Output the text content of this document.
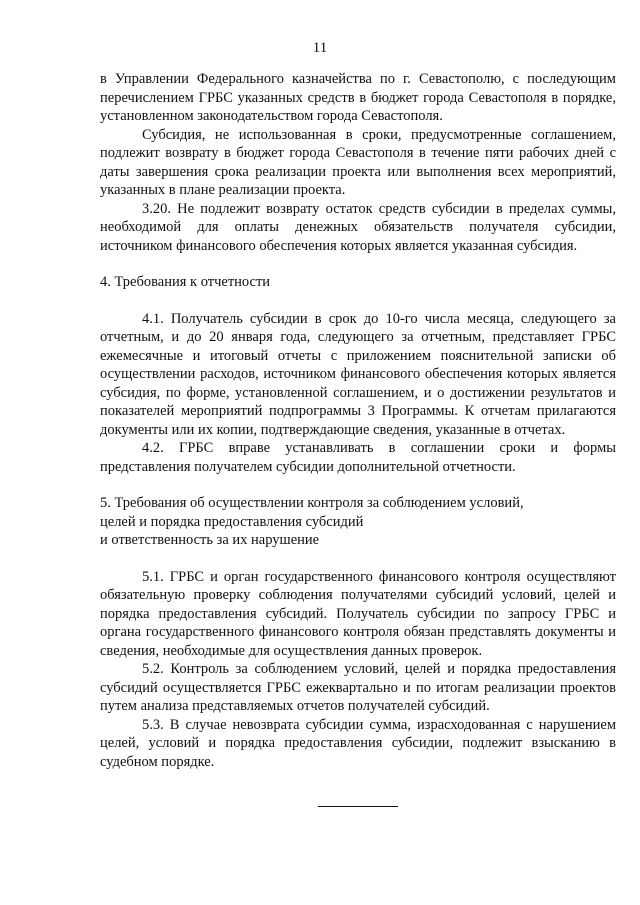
11

в Управлении Федерального казначейства по г. Севастополю, с последующим перечислением ГРБС указанных средств в бюджет города Севастополя в порядке, установленном законодательством города Севастополя.

Субсидия, не использованная в сроки, предусмотренные соглашением, подлежит возврату в бюджет города Севастополя в течение пяти рабочих дней с даты завершения срока реализации проекта или выполнения всех мероприятий, указанных в плане реализации проекта.

3.20. Не подлежит возврату остаток средств субсидии в пределах суммы, необходимой для оплаты денежных обязательств получателя субсидии, источником финансового обеспечения которых является указанная субсидия.

4. Требования к отчетности

4.1. Получатель субсидии в срок до 10-го числа месяца, следующего за отчетным, и до 20 января года, следующего за отчетным, представляет ГРБС ежемесячные и итоговый отчеты с приложением пояснительной записки об осуществлении расходов, источником финансового обеспечения которых является субсидия, по форме, установленной соглашением, и о достижении результатов и показателей мероприятий подпрограммы 3 Программы. К отчетам прилагаются документы или их копии, подтверждающие сведения, указанные в отчетах.

4.2. ГРБС вправе устанавливать в соглашении сроки и формы представления получателем субсидии дополнительной отчетности.

5. Требования об осуществлении контроля за соблюдением условий,

целей и порядка предоставления субсидий

и ответственность за их нарушение

5.1. ГРБС и орган государственного финансового контроля осуществляют обязательную проверку соблюдения получателями субсидий условий, целей и порядка предоставления субсидий. Получатель субсидии по запросу ГРБС и органа государственного финансового контроля обязан представлять документы и сведения, необходимые для осуществления данных проверок.

5.2. Контроль за соблюдением условий, целей и порядка предоставления субсидий осуществляется ГРБС ежеквартально и по итогам реализации проектов путем анализа представляемых отчетов получателей субсидий.

5.3. В случае невозврата субсидии сумма, израсходованная с нарушением целей, условий и порядка предоставления субсидии, подлежит взысканию в судебном порядке.
